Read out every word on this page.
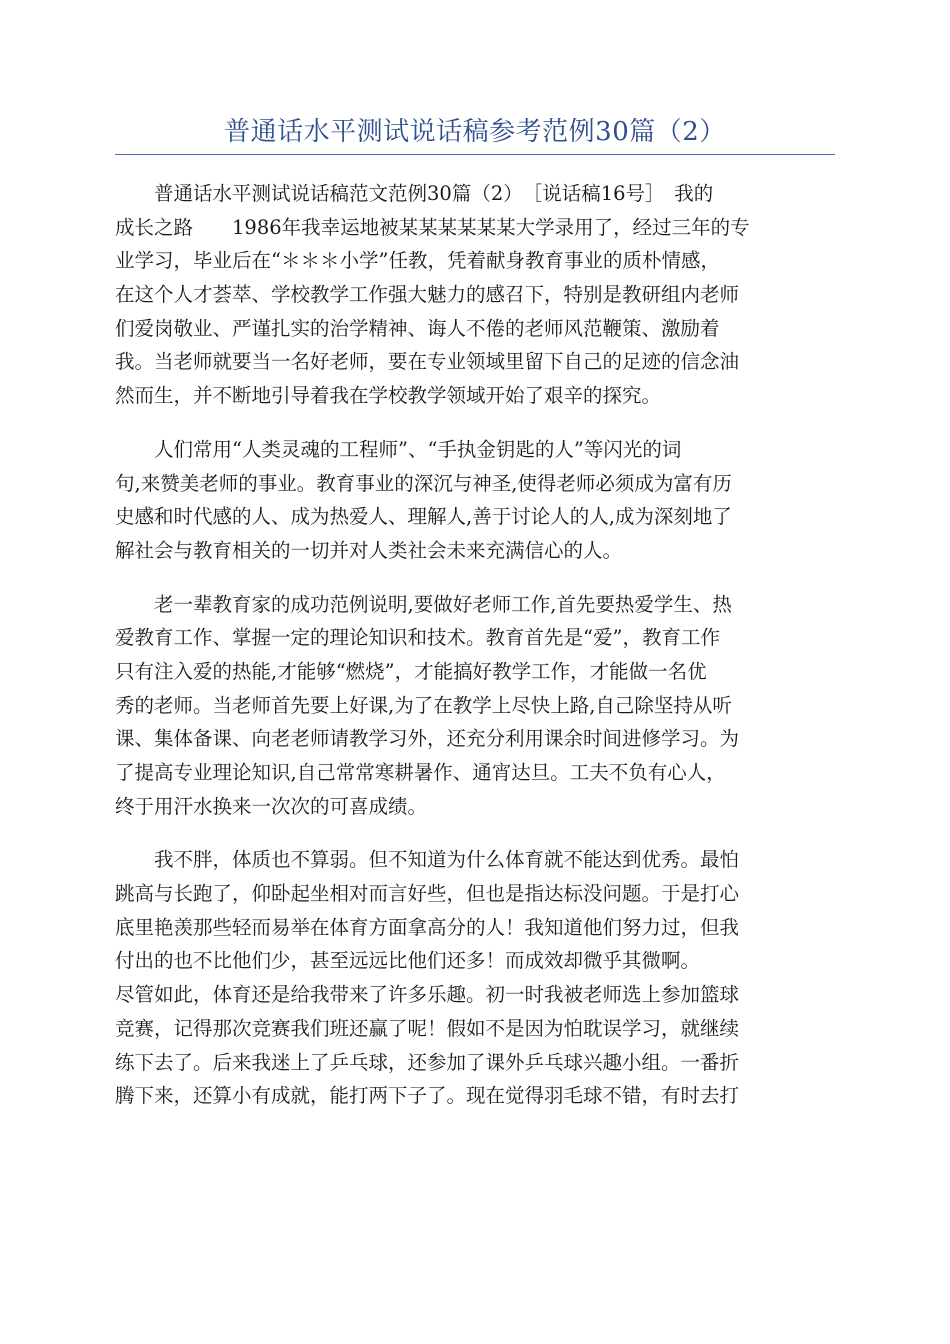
普通话水平测试说话稿参考范例30篇（2）
　　普通话水平测试说话稿范文范例30篇（2）　［说话稿16号］　我的
成长之路　　1986年我幸运地被某某某某某某大学录用了，经过三年的专
业学习，毕业后在“＊＊＊小学”任教，凭着献身教育事业的质朴情感，
在这个人才荟萃、学校教学工作强大魅力的感召下，特别是教研组内老师
们爱岗敬业、严谨扎实的治学精神、诲人不倦的老师风范鞭策、激励着
我。当老师就要当一名好老师，要在专业领域里留下自己的足迹的信念油
然而生，并不断地引导着我在学校教学领域开始了艰辛的探究。
　　人们常用“人类灵魂的工程师”、“手执金钥匙的人”等闪光的词
句,来赞美老师的事业。教育事业的深沉与神圣,使得老师必须成为富有历
史感和时代感的人、成为热爱人、理解人,善于讨论人的人,成为深刻地了
解社会与教育相关的一切并对人类社会未来充满信心的人。
　　老一辈教育家的成功范例说明,要做好老师工作,首先要热爱学生、热
爱教育工作、掌握一定的理论知识和技术。教育首先是“爱”，教育工作
只有注入爱的热能,才能够“燃烧”，才能搞好教学工作，才能做一名优
秀的老师。当老师首先要上好课,为了在教学上尽快上路,自己除坚持从听
课、集体备课、向老老师请教学习外，还充分利用课余时间进修学习。为
了提高专业理论知识,自己常常寒耕暑作、通宵达旦。工夫不负有心人，
终于用汗水换来一次次的可喜成绩。
　　我不胖，体质也不算弱。但不知道为什么体育就不能达到优秀。最怕
跳高与长跑了，仰卧起坐相对而言好些，但也是指达标没问题。于是打心
底里艳羡那些轻而易举在体育方面拿高分的人！我知道他们努力过，但我
付出的也不比他们少，甚至远远比他们还多！而成效却微乎其微啊。
尽管如此，体育还是给我带来了许多乐趣。初一时我被老师选上参加篮球
竞赛，记得那次竞赛我们班还赢了呢！假如不是因为怕耽误学习，就继续
练下去了。后来我迷上了乒乓球，还参加了课外乒乓球兴趣小组。一番折
腾下来，还算小有成就，能打两下子了。现在觉得羽毛球不错，有时去打
